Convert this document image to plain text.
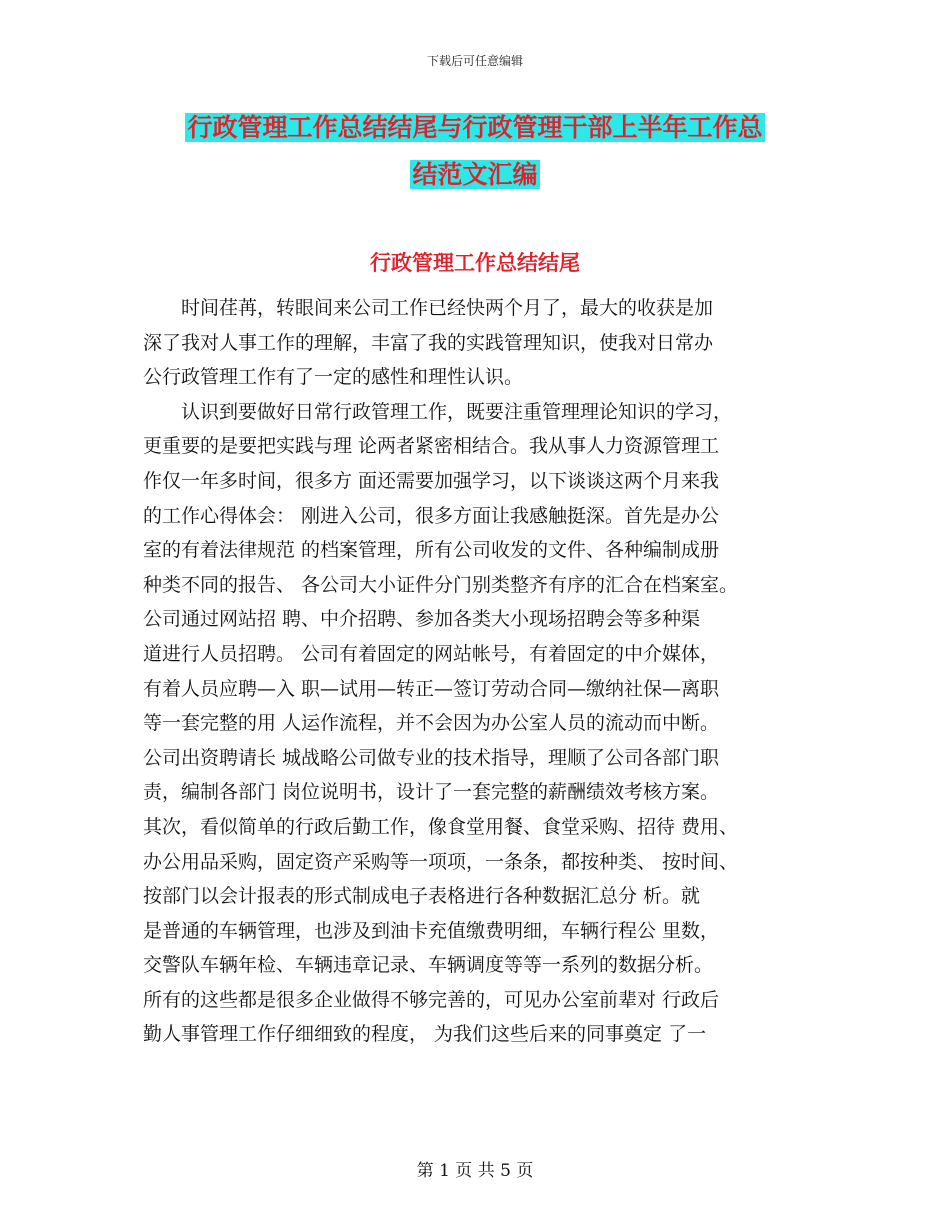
下载后可任意编辑
行政管理工作总结结尾与行政管理干部上半年工作总
结范文汇编
行政管理工作总结结尾
　　时间荏苒，转眼间来公司工作已经快两个月了，最大的收获是加
深了我对人事工作的理解，丰富了我的实践管理知识，使我对日常办
公行政管理工作有了一定的感性和理性认识。
　　认识到要做好日常行政管理工作，既要注重管理理论知识的学习，
更重要的是要把实践与理 论两者紧密相结合。我从事人力资源管理工
作仅一年多时间，很多方 面还需要加强学习，以下谈谈这两个月来我
的工作心得体会： 刚进入公司，很多方面让我感触挺深。首先是办公
室的有着法律规范 的档案管理，所有公司收发的文件、各种编制成册
种类不同的报告、 各公司大小证件分门别类整齐有序的汇合在档案室。
公司通过网站招 聘、中介招聘、参加各类大小现场招聘会等多种渠
道进行人员招聘。 公司有着固定的网站帐号，有着固定的中介媒体，
有着人员应聘—入 职—试用—转正—签订劳动合同—缴纳社保—离职
等一套完整的用 人运作流程，并不会因为办公室人员的流动而中断。
公司出资聘请长 城战略公司做专业的技术指导，理顺了公司各部门职
责，编制各部门 岗位说明书，设计了一套完整的薪酬绩效考核方案。
其次，看似简单的行政后勤工作，像食堂用餐、食堂采购、招待 费用、
办公用品采购，固定资产采购等一项项，一条条，都按种类、 按时间、
按部门以会计报表的形式制成电子表格进行各种数据汇总分 析。就
是普通的车辆管理，也涉及到油卡充值缴费明细，车辆行程公 里数，
交警队车辆年检、车辆违章记录、车辆调度等等一系列的数据分析。
所有的这些都是很多企业做得不够完善的，可见办公室前辈对 行政后
勤人事管理工作仔细细致的程度， 为我们这些后来的同事奠定 了一
第 1 页 共 5 页
